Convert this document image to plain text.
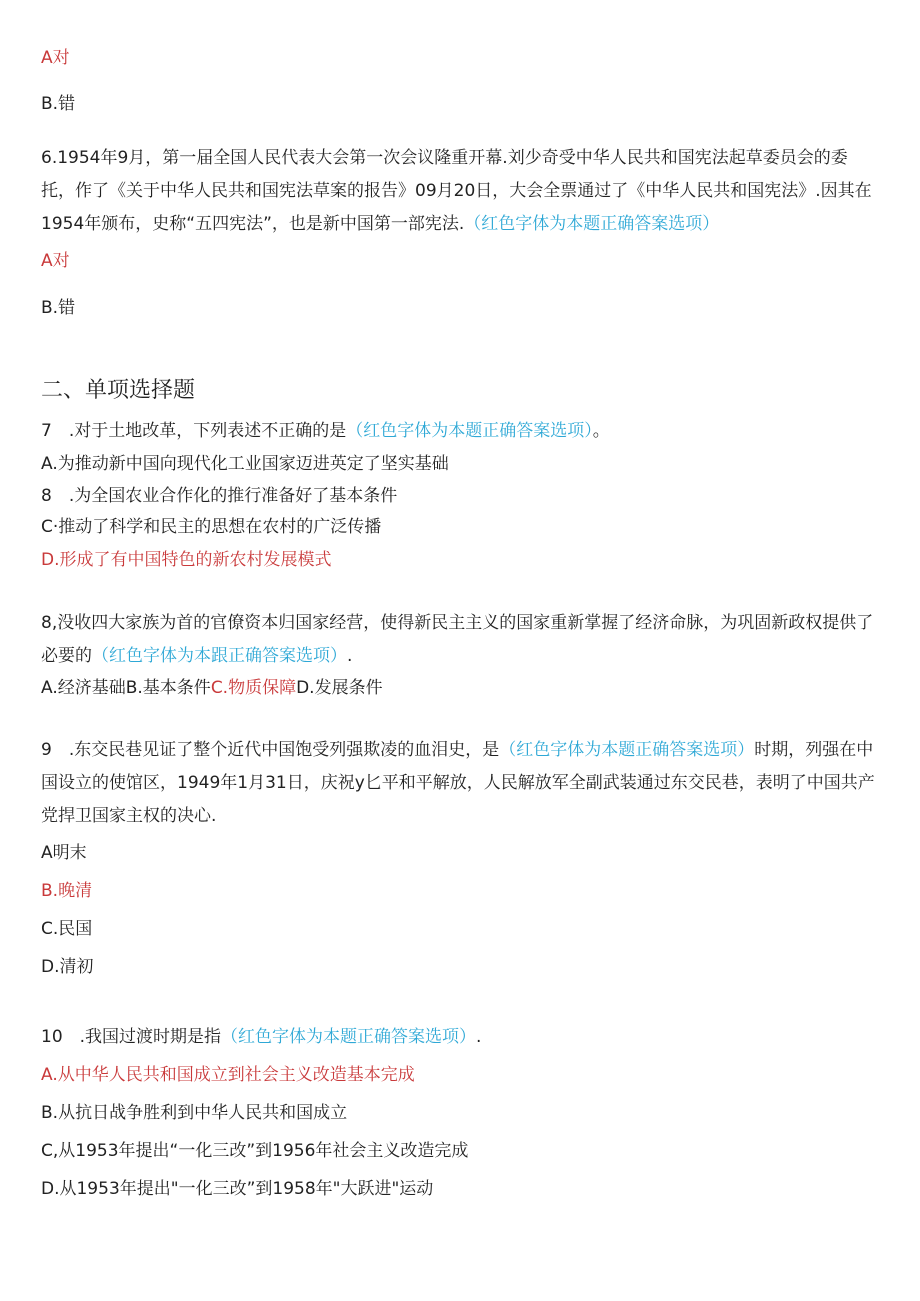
A对
B.错
6.1954年9月，第一届全国人民代表大会第一次会议隆重开幕.刘少奇受中华人民共和国宪法起草委员会的委托，作了《关于中华人民共和国宪法草案的报告》09月20日，大会全票通过了《中华人民共和国宪法》.因其在1954年颁布，史称“五四宪法”，也是新中国第一部宪法.（红色字体为本题正确答案选项）
A对
B.错
二、单项选择题
7　.对于土地改革，下列表述不正确的是（红色字体为本题正确答案选项）。
A.为推动新中国向现代化工业国家迈进英定了坚实基础
8　.为全国农业合作化的推行准备好了基本条件
C·推动了科学和民主的思想在农村的广泛传播
D.形成了有中国特色的新农村发展模式
8,没收四大家族为首的官僚资本归国家经营，使得新民主主义的国家重新掌握了经济命脉，为巩固新政权提供了必要的（红色字体为本跟正确答案选项）.
A.经济基础B.基本条件C.物质保障D.发展条件
9　.东交民巷见证了整个近代中国饱受列强欺凌的血泪史，是（红色字体为本题正确答案选项）时期，列强在中国设立的使馆区，1949年1月31日，庆祝y匕平和平解放，人民解放军全副武装通过东交民巷，表明了中国共产党捍卫国家主权的决心.
A明末
B.晚清
C.民国
D.清初
10　.我国过渡时期是指（红色字体为本题正确答案选项）.
A.从中华人民共和国成立到社会主义改造基本完成
B.从抗日战争胜利到中华人民共和国成立
C,从1953年提出“一化三改”到1956年社会主义改造完成
D.从1953年提出"一化三改”到1958年"大跃进"运动
